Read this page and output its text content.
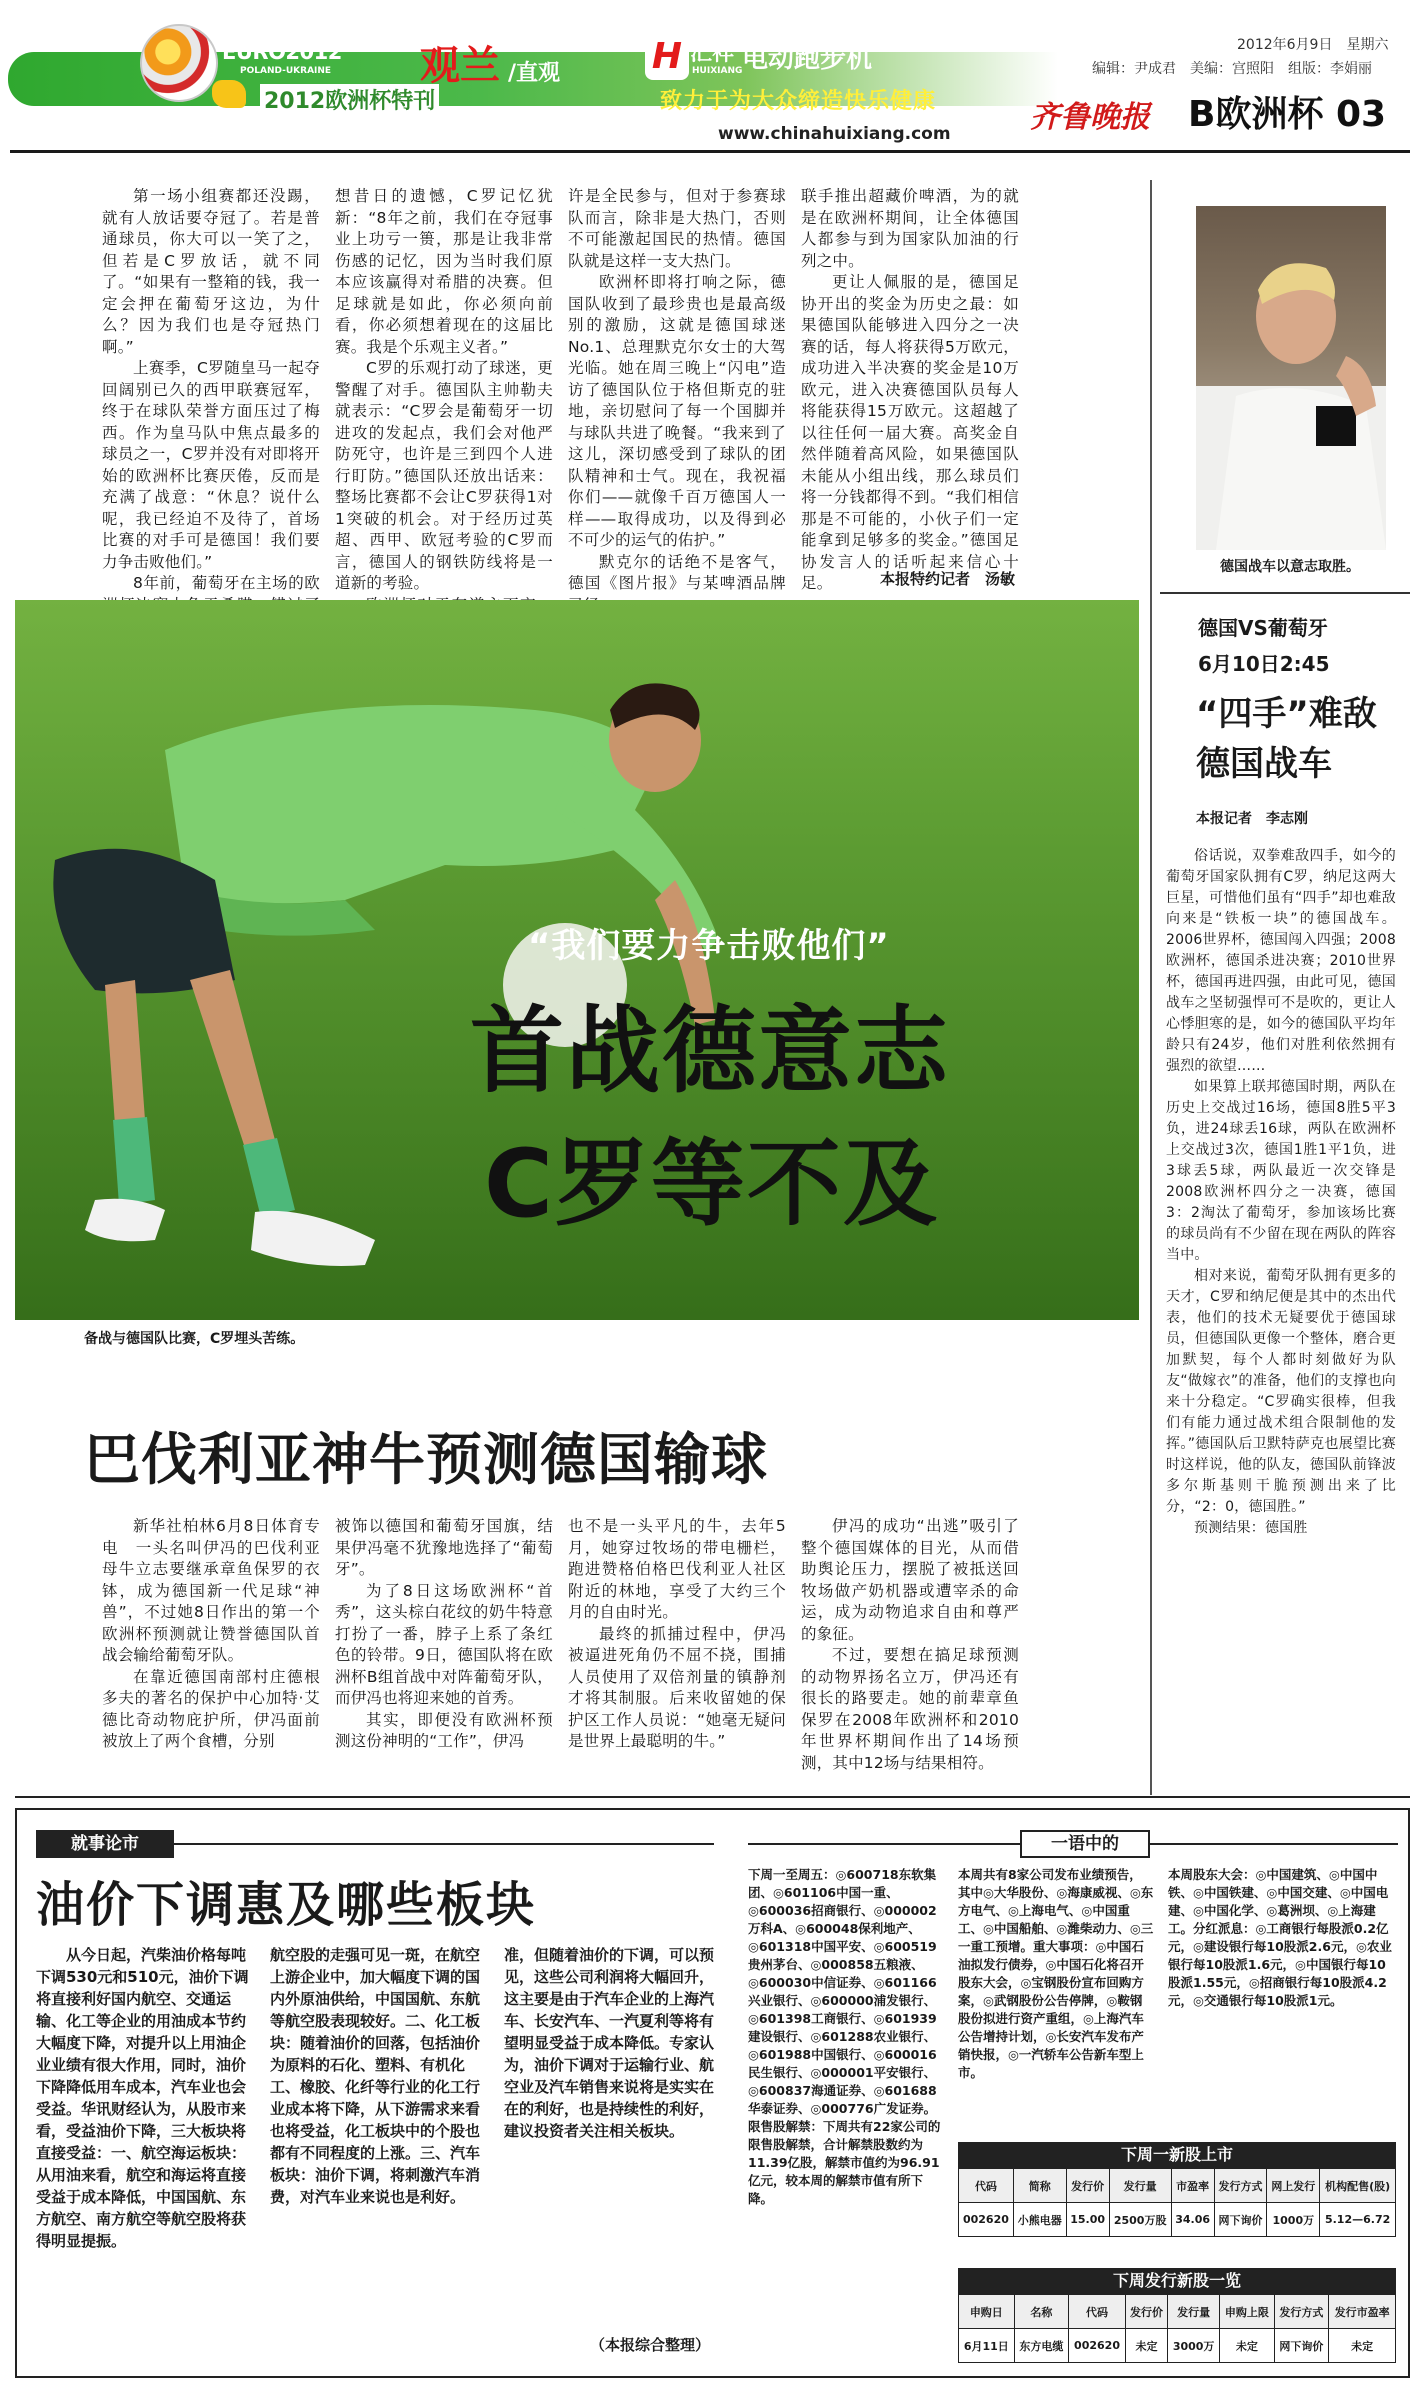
UEFA
EURO2012
POLAND-UKRAINE
2012欧洲杯特刊
观兰 /直观	H 汇祥
HUIXIANG 电动跑步机
致力于为大众缔造快乐健康
www.chinahuixiang.com
2012年6月9日　星期六
编辑：尹成君　美编：宫照阳　组版：李娟丽
齐鲁晚报 B欧洲杯 03

第一场小组赛都还没踢，就有人放话要夺冠了。若是普通球员，你大可以一笑了之，但若是C罗放话，就不同了。“如果有一整箱的钱，我一定会押在葡萄牙这边，为什么？因为我们也是夺冠热门啊。”

上赛季，C罗随皇马一起夺回阔别已久的西甲联赛冠军，终于在球队荣誉方面压过了梅西。作为皇马队中焦点最多的球员之一，C罗并没有对即将开始的欧洲杯比赛厌倦，反而是充满了战意：“休息？说什么呢，我已经迫不及待了，首场比赛的对手可是德国！我们要力争击败他们。”

8年前，葡萄牙在主场的欧

想昔日的遗憾，C罗记忆犹新：“8年之前，我们在夺冠事业上功亏一篑，那是让我非常伤感的记忆，因为当时我们原本应该赢得对希腊的决赛。但足球就是如此，你必须向前看，你必须想着现在的这届比赛。我是个乐观主义者。”

C罗的乐观打动了球迷，更警醒了对手。德国队主帅勒夫就表示：“C罗会是葡萄牙一切进攻的发起点，我们会对他严防死守，也许是三到四个人进行盯防。”德国队还放出话来：整场比赛都不会让C罗获得1对1突破的机会。对于经历过英超、西甲、欧冠考验的C罗而言，德国人的钢铁防线将是一道新的考验。

许是全民参与，但对于参赛球队而言，除非是大热门，否则不可能激起国民的热情。德国队就是这样一支大热门。

欧洲杯即将打响之际，德国队收到了最珍贵也是最高级别的激励，这就是德国球迷No.1、总理默克尔女士的大驾光临。她在周三晚上“闪电”造访了德国队位于格但斯克的驻地，亲切慰问了每一个国脚并与球队共进了晚餐。“我来到了这儿，深切感受到了球队的团队精神和士气。现在，我祝福你们——就像千百万德国人一样——取得成功，以及得到必不可少的运气的佑护。”

默克尔的话绝不是客气，德国《图片报》与某啤酒品牌

联手推出超藏价啤酒，为的就是在欧洲杯期间，让全体德国人都参与到为国家队加油的行列之中。

更让人佩服的是，德国足协开出的奖金为历史之最：如果德国队能够进入四分之一决赛的话，每人将获得5万欧元，成功进入半决赛的奖金是10万欧元，进入决赛德国队员每人将能获得15万欧元。这超越了以往任何一届大赛。高奖金自然伴随着高风险，如果德国队未能从小组出线，那么球员们将一分钱都得不到。“我们相信那是不可能的，小伙子们一定能拿到足够多的奖金。”德国足协发言人的话听起来信心十足。	本报特约记者　汤敏
“我们要力争击败他们”
首战德意志
C罗等不及
备战与德国队比赛，C罗埋头苦练。
德国战车以意志取胜。
德国VS葡萄牙
6月10日2:45
“四手”难敌
德国战车
本报记者　李志刚

俗话说，双拳难敌四手，如今的葡萄牙国家队拥有C罗，纳尼这两大巨星，可惜他们虽有“四手”却也难敌向来是“铁板一块”的德国战车。2006世界杯，德国闯入四强；2008欧洲杯，德国杀进决赛；2010世界杯，德国再进四强，由此可见，德国战车之坚韧强悍可不是吹的，更让人心悸胆寒的是，如今的德国队平均年龄只有24岁，他们对胜利依然拥有强烈的欲望……

如果算上联邦德国时期，两队在历史上交战过16场，德国8胜5平3负，进24球丢16球，两队在欧洲杯上交战过3次，德国1胜1平1负，进3球丢5球，两队最近一次交锋是2008欧洲杯四分之一决赛，德国3：2淘汰了葡萄牙，参加该场比赛的球员尚有不少留在现在两队的阵容当中。

相对来说，葡萄牙队拥有更多的天才，C罗和纳尼便是其中的杰出代表，他们的技术无疑要优于德国球员，但德国队更像一个整体，磨合更加默契，每个人都时刻做好为队友“做嫁衣”的准备，他们的支撑也向来十分稳定。“C罗确实很棒，但我们有能力通过战术组合限制他的发挥。”德国队后卫默特萨克也展望比赛时这样说，他的队友，德国队前锋波多尔斯基则干脆预测出来了比分，“2：0，德国胜。”

预测结果：德国胜

巴伐利亚神牛预测德国输球

新华社柏林6月8日体育专电　一头名叫伊冯的巴伐利亚母牛立志要继承章鱼保罗的衣钵，成为德国新一代足球“神兽”，不过她8日作出的第一个欧洲杯预测就让赞誉德国队首战会输给葡萄牙队。

在靠近德国南部村庄德根多夫的著名的保护中心加特·艾德比奇动物庇护所，伊冯面前被放上了两个食槽，分别

被饰以德国和葡萄牙国旗，结果伊冯毫不犹豫地选择了“葡萄牙”。

为了8日这场欧洲杯“首秀”，这头棕白花纹的奶牛特意打扮了一番，脖子上系了条红色的铃带。9日，德国队将在欧洲杯B组首战中对阵葡萄牙队，而伊冯也将迎来她的首秀。

其实，即便没有欧洲杯预测这份神明的“工作”，伊冯

也不是一头平凡的牛，去年5月，她穿过牧场的带电栅栏，跑进赞格伯格巴伐利亚人社区附近的林地，享受了大约三个月的自由时光。

最终的抓捕过程中，伊冯被逼进死角仍不屈不挠，围捕人员使用了双倍剂量的镇静剂才将其制服。后来收留她的保护区工作人员说：“她毫无疑问是世界上最聪明的牛。”

伊冯的成功“出逃”吸引了整个德国媒体的目光，从而借助舆论压力，摆脱了被抵送回牧场做产奶机器或遭宰杀的命运，成为动物追求自由和尊严的象征。

不过，要想在搞足球预测的动物界扬名立万，伊冯还有很长的路要走。她的前辈章鱼保罗在2008年欧洲杯和2010年世界杯期间作出了14场预测，其中12场与结果相符。

就事论市
油价下调惠及哪些板块
从今日起，汽柴油价格每吨下调530元和510元，油价下调将直接利好国内航空、交通运输、化工等企业的用油成本节约大幅度下降，对提升以上用油企业业绩有很大作用，同时，油价下降降低用车成本，汽车业也会受益。华讯财经认为，从股市来看，受益油价下降，三大板块将直接受益：一、航空海运板块：从用油来看，航空和海运将直接受益于成本降低，中国国航、东方航空、南方航空等航空股将获得明显提振。
航空股的走强可见一斑，在航空上游企业中，加大幅度下调的国内外原油供给，中国国航、东航等航空股表现较好。二、化工板块：随着油价的回落，包括油价为原料的石化、塑料、有机化工、橡胶、化纤等行业的化工行业成本将下降，从下游需求来看也将受益，化工板块中的个股也都有不同程度的上涨。三、汽车板块：油价下调，将刺激汽车消费，对汽车业来说也是利好。
准，但随着油价的下调，可以预见，这些公司利润将大幅回升，这主要是由于汽车企业的上海汽车、长安汽车、一汽夏利等将有望明显受益于成本降低。专家认为，油价下调对于运输行业、航空业及汽车销售来说将是实实在在的利好，也是持续性的利好，建议投资者关注相关板块。
（本报综合整理）
一语中的
下周一至周五：◎600718东软集团、◎601106中国一重、◎600036招商银行、◎000002万科A、◎600048保利地产、◎601318中国平安、◎600519贵州茅台、◎000858五粮液、◎600030中信证券、◎601166兴业银行、◎600000浦发银行、◎601398工商银行、◎601939建设银行、◎601288农业银行、◎601988中国银行、◎600016民生银行、◎000001平安银行、◎600837海通证券、◎601688华泰证券、◎000776广发证券。限售股解禁：下周共有22家公司的限售股解禁，合计解禁股数约为11.39亿股，解禁市值约为96.91亿元，较本周的解禁市值有所下降。
本周共有8家公司发布业绩预告，其中◎大华股份、◎海康威视、◎东方电气、◎上海电气、◎中国重工、◎中国船舶、◎潍柴动力、◎三一重工预增。重大事项：◎中国石油拟发行债券，◎中国石化将召开股东大会，◎宝钢股份宣布回购方案，◎武钢股份公告停牌，◎鞍钢股份拟进行资产重组，◎上海汽车公告增持计划，◎长安汽车发布产销快报，◎一汽轿车公告新车型上市。
本周股东大会：◎中国建筑、◎中国中铁、◎中国铁建、◎中国交建、◎中国电建、◎中国化学、◎葛洲坝、◎上海建工。分红派息：◎工商银行每股派0.2亿元，◎建设银行每10股派2.6元，◎农业银行每10股派1.6元，◎中国银行每10股派1.55元，◎招商银行每10股派4.2元，◎交通银行每10股派1元。
下周一新股上市
代码	简称	发行价	发行量	市盈率	发行方式	网上发行	机构配售(股)
002620	小熊电器	15.00	2500万股	34.06	网下询价	1000万	5.12—6.72
下周发行新股一览
申购日	名称	代码	发行价	发行量	申购上限	发行方式	发行市盈率
6月11日	东方电缆	002620	未定	3000万	未定	网下询价	未定
